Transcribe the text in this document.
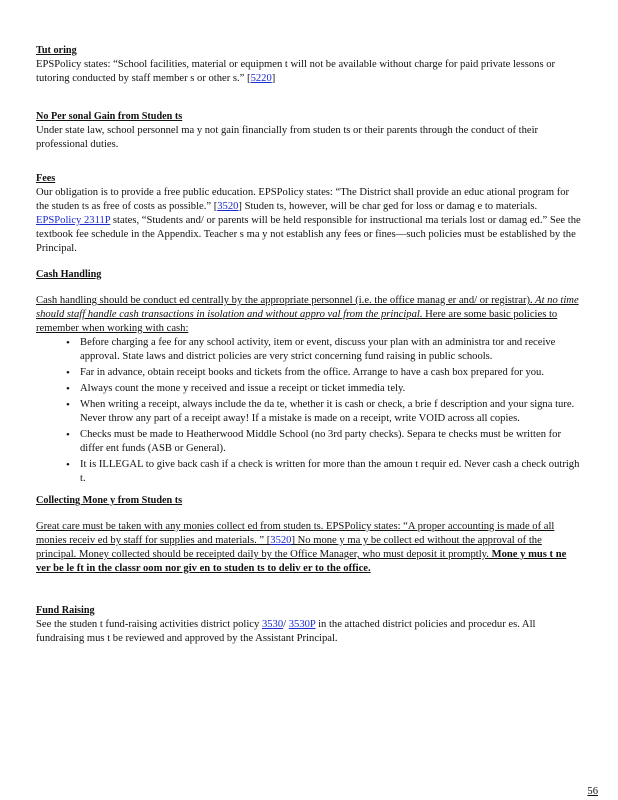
Tut oring

EPSPolicy states: “School facilities, material or equipmen t will not be available without charge for paid private lessons or tutoring conducted by staff member s or other s.” [5220]

No Per sonal Gain from Studen ts

Under state law, school personnel ma y not gain financially from studen ts or their parents through the conduct of their professional duties.

Fees

Our obligation is to provide a free public education. EPSPolicy states: “The District shall provide an educ ational program for the studen ts as free of costs as possible.” [3520] Studen ts, however, will be char ged for loss or damag e to materials. EPSPolicy 2311P states, “Students and/ or parents will be held responsible for instructional ma terials lost or damag ed.” See the textbook fee schedule in the Appendix. Teacher s ma y not establish any fees or fines—such policies must be established by the Principal.

Cash Handling

Cash handling should be conduct ed centrally by the appropriate personnel (i.e. the office manag er and/ or registrar). At no time should staff handle cash transactions in isolation and without appro val from the principal. Here are some basic policies to remember when working with cash:

• Before charging a fee for any school activity, item or event, discuss your plan with an administra tor and receive approval. State laws and district policies are very strict concerning fund raising in public schools.
• Far in advance, obtain receipt books and tickets from the office. Arrange to have a cash box prepared for you.
• Always count the mone y received and issue a receipt or ticket immedia tely.
• When writing a receipt, always include the da te, whether it is cash or check, a brie f description and your signa ture. Never throw any part of a receipt away! If a mistake is made on a receipt, write VOID across all copies.
• Checks must be made to Heatherwood Middle School (no 3rd party checks). Separa te checks must be written for differ ent funds (ASB or General).
• It is ILLEGAL to give back cash if a check is written for more than the amoun t requir ed. Never cash a check outrigh t.
Collecting Mone y from Studen ts

Great care must be taken with any monies collect ed from studen ts. EPSPolicy states: “A proper accounting is made of all monies receiv ed by staff for supplies and materials. ” [3520] No mone y ma y be collect ed without the approval of the principal. Money collected should be receipted daily by the Office Manager, who must deposit it promptly. Mone y mus t ne ver be le ft in the classr oom nor giv en to studen ts to deliv er to the office.

Fund Raising

See the studen t fund-raising activities district policy 3530/ 3530P in the attached district policies and procedur es. All fundraising mus t be reviewed and approved by the Assistant Principal.

56
